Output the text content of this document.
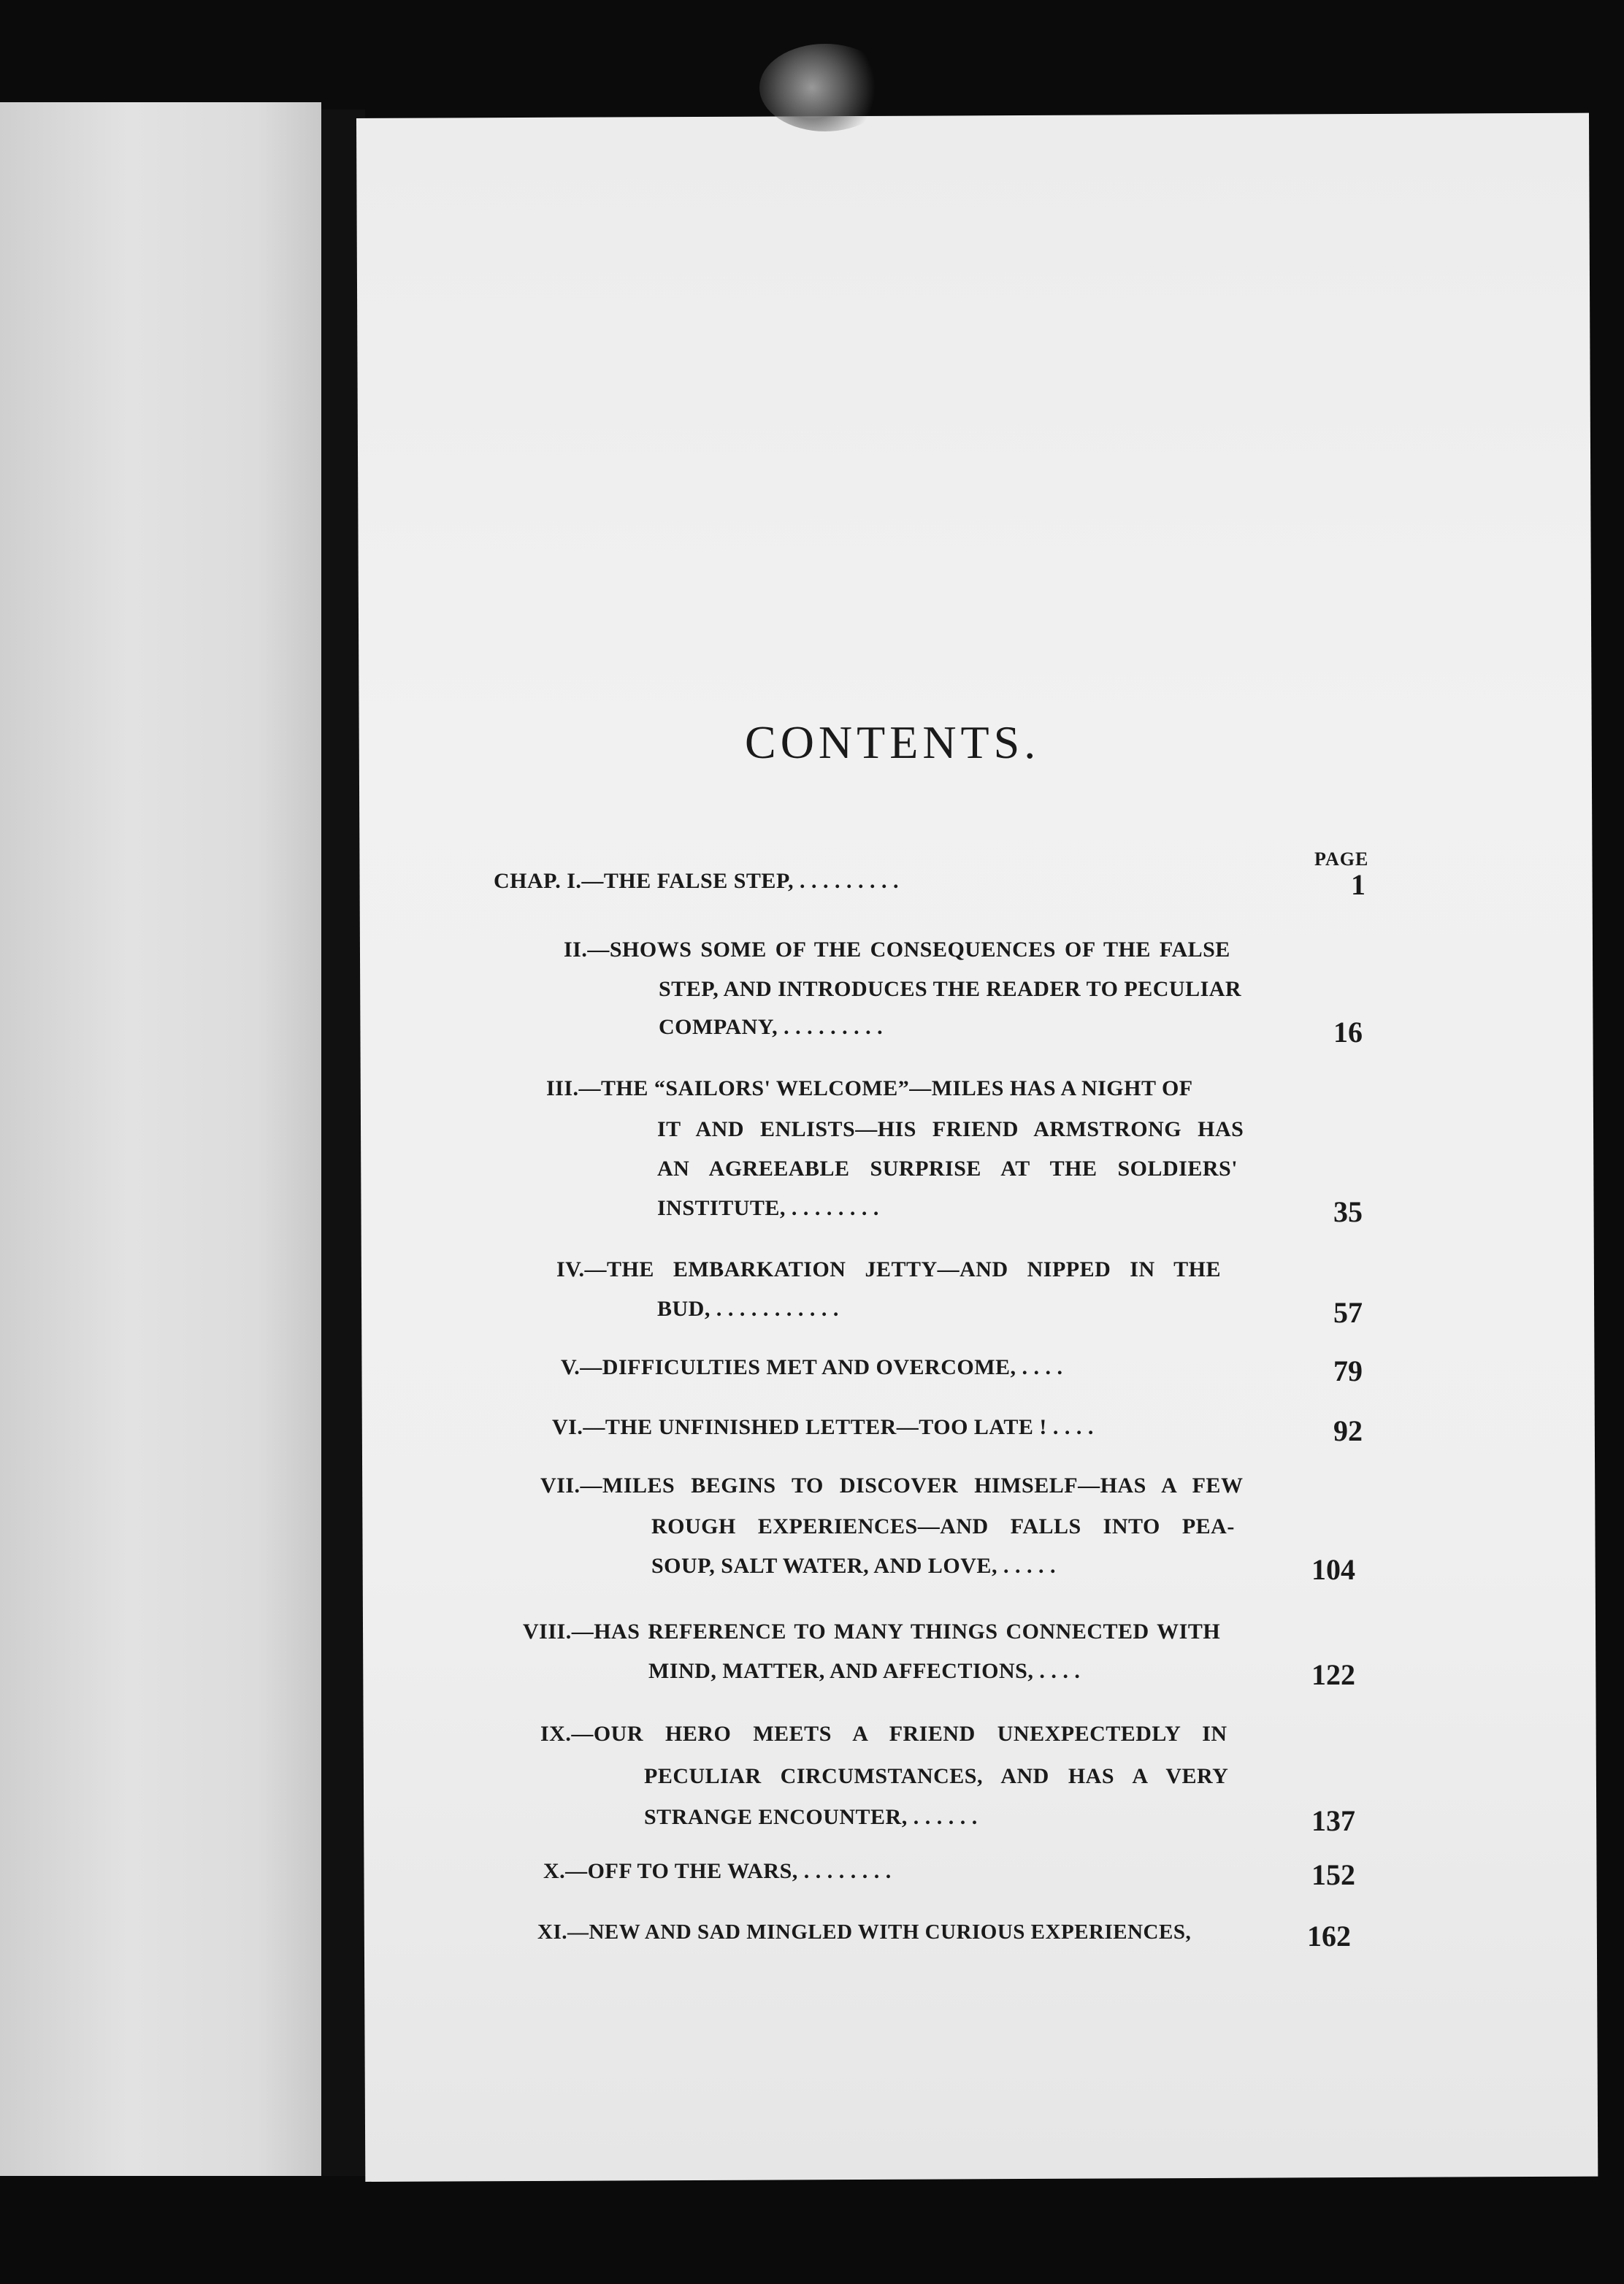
CONTENTS.
PAGE
CHAP. I.—THE FALSE STEP, . . . . . . . . .	1
II.—SHOWS SOME OF THE CONSEQUENCES OF THE FALSE
STEP, AND INTRODUCES THE READER TO PECULIAR
COMPANY, . . . . . . . . .	16
III.—THE “SAILORS' WELCOME”—MILES HAS A NIGHT OF
IT AND ENLISTS—HIS FRIEND ARMSTRONG HAS
AN AGREEABLE SURPRISE AT THE SOLDIERS'
INSTITUTE, . . . . . . . .	35
IV.—THE EMBARKATION JETTY—AND NIPPED IN THE
BUD, . . . . . . . . . . .	57
V.—DIFFICULTIES MET AND OVERCOME, . . . .	79
VI.—THE UNFINISHED LETTER—TOO LATE ! . . . .	92
VII.—MILES BEGINS TO DISCOVER HIMSELF—HAS A FEW
ROUGH EXPERIENCES—AND FALLS INTO PEA-
SOUP, SALT WATER, AND LOVE, . . . . .	104
VIII.—HAS REFERENCE TO MANY THINGS CONNECTED WITH
MIND, MATTER, AND AFFECTIONS, . . . .	122
IX.—OUR HERO MEETS A FRIEND UNEXPECTEDLY IN
PECULIAR CIRCUMSTANCES, AND HAS A VERY
STRANGE ENCOUNTER, . . . . . .	137
X.—OFF TO THE WARS, . . . . . . . .	152
XI.—NEW AND SAD MINGLED WITH CURIOUS EXPERIENCES,	162
